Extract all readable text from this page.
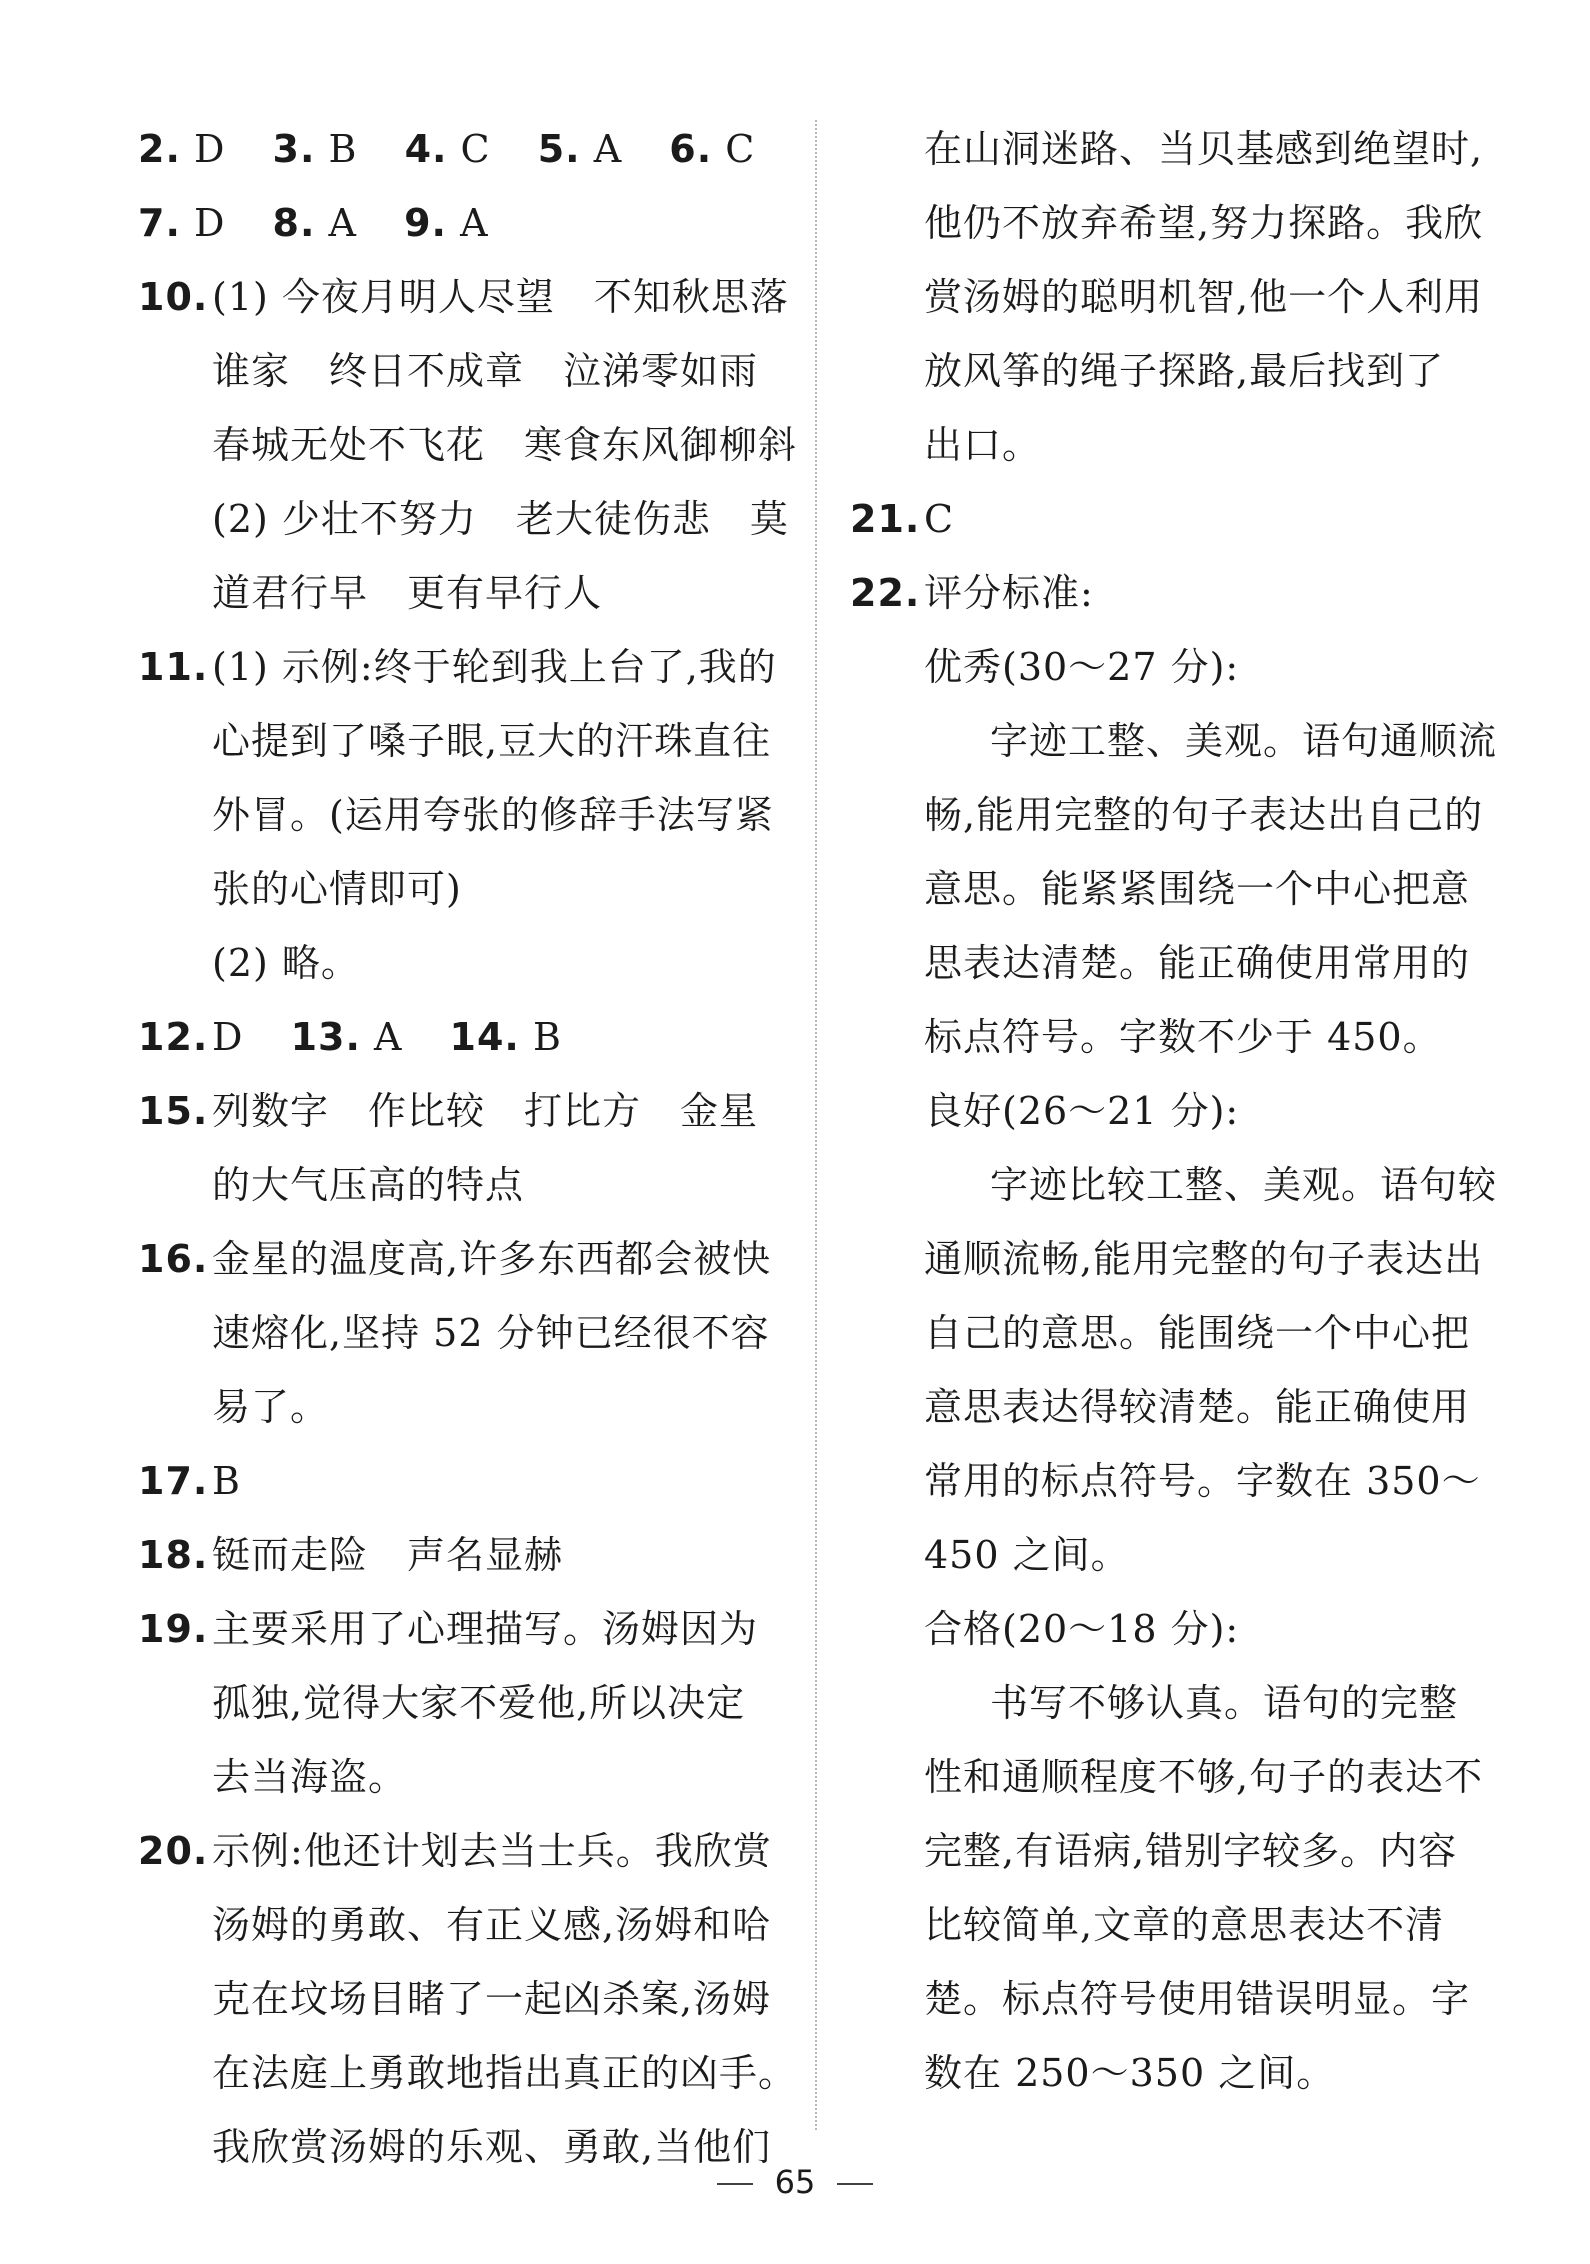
2. D 3. B 4. C 5. A 6. C
7. D 8. A 9. A
10.(1) 今夜月明人尽望　不知秋思落
谁家　终日不成章　泣涕零如雨
春城无处不飞花　寒食东风御柳斜
(2) 少壮不努力　老大徒伤悲　莫
道君行早　更有早行人
11.(1) 示例:终于轮到我上台了,我的
心提到了嗓子眼,豆大的汗珠直往
外冒。(运用夸张的修辞手法写紧
张的心情即可)
(2) 略。
12.D 13. A 14. B
15.列数字　作比较　打比方　金星
的大气压高的特点
16.金星的温度高,许多东西都会被快
速熔化,坚持 52 分钟已经很不容
易了。
17.B
18.铤而走险　声名显赫
19.主要采用了心理描写。汤姆因为
孤独,觉得大家不爱他,所以决定
去当海盗。
20.示例:他还计划去当士兵。我欣赏
汤姆的勇敢、有正义感,汤姆和哈
克在坟场目睹了一起凶杀案,汤姆
在法庭上勇敢地指出真正的凶手。
我欣赏汤姆的乐观、勇敢,当他们
在山洞迷路、当贝基感到绝望时,
他仍不放弃希望,努力探路。我欣
赏汤姆的聪明机智,他一个人利用
放风筝的绳子探路,最后找到了
出口。
21.C
22.评分标准:
优秀(30～27 分):
字迹工整、美观。语句通顺流
畅,能用完整的句子表达出自己的
意思。能紧紧围绕一个中心把意
思表达清楚。能正确使用常用的
标点符号。字数不少于 450。
良好(26～21 分):
字迹比较工整、美观。语句较
通顺流畅,能用完整的句子表达出
自己的意思。能围绕一个中心把
意思表达得较清楚。能正确使用
常用的标点符号。字数在 350～
450 之间。
合格(20～18 分):
书写不够认真。语句的完整
性和通顺程度不够,句子的表达不
完整,有语病,错别字较多。内容
比较简单,文章的意思表达不清
楚。标点符号使用错误明显。字
数在 250～350 之间。
65
